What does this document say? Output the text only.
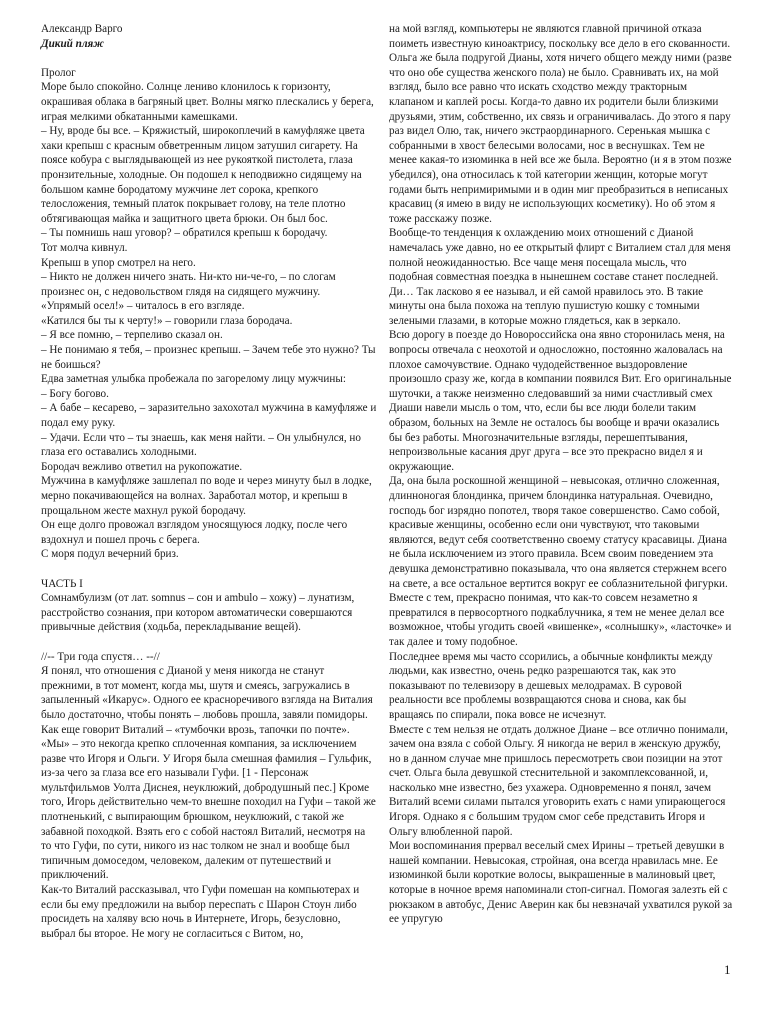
Александр Варго
Дикий пляж
Пролог
Море было спокойно. Солнце лениво клонилось к горизонту, окрашивая облака в багряный цвет. Волны мягко плескались у берега, играя мелкими обкатанными камешками.
– Ну, вроде бы все. – Кряжистый, широкоплечий в камуфляже цвета хаки крепыш с красным обветренным лицом затушил сигарету. На поясе кобура с выглядывающей из нее рукояткой пистолета, глаза пронзительные, холодные. Он подошел к неподвижно сидящему на большом камне бородатому мужчине лет сорока, крепкого телосложения, темный платок покрывает голову, на теле плотно обтягивающая майка и защитного цвета брюки. Он был бос.
– Ты помнишь наш уговор? – обратился крепыш к бородачу.
Тот молча кивнул.
Крепыш в упор смотрел на него.
– Никто не должен ничего знать. Ни-кто ни-че-го, – по слогам произнес он, с недовольством глядя на сидящего мужчину.
«Упрямый осел!» – читалось в его взгляде.
«Катился бы ты к черту!» – говорили глаза бородача.
– Я все помню, – терпеливо сказал он.
– Не понимаю я тебя, – произнес крепыш. – Зачем тебе это нужно? Ты не боишься?
Едва заметная улыбка пробежала по загорелому лицу мужчины:
– Богу богово.
– А бабе – кесарево, – заразительно захохотал мужчина в камуфляже и подал ему руку.
– Удачи. Если что – ты знаешь, как меня найти. – Он улыбнулся, но глаза его оставались холодными.
Бородач вежливо ответил на рукопожатие.
Мужчина в камуфляже зашлепал по воде и через минуту был в лодке, мерно покачивающейся на волнах. Заработал мотор, и крепыш в прощальном жесте махнул рукой бородачу.
Он еще долго провожал взглядом уносящуюся лодку, после чего вздохнул и пошел прочь с берега.
С моря подул вечерний бриз.
ЧАСТЬ I
Сомнамбулизм (от лат. somnus – сон и ambulo – хожу) – лунатизм, расстройство сознания, при котором автоматически совершаются привычные действия (ходьба, перекладывание вещей).
//-- Три года спустя… --//
Я понял, что отношения с Дианой у меня никогда не станут прежними, в тот момент, когда мы, шутя и смеясь, загружались в запыленный «Икарус». Одного ее красноречивого взгляда на Виталия было достаточно, чтобы понять – любовь прошла, завяли помидоры. Как еще говорит Виталий – «тумбочки врозь, тапочки по почте».
«Мы» – это некогда крепко сплоченная компания, за исключением разве что Игоря и Ольги. У Игоря была смешная фамилия – Гульфик, из-за чего за глаза все его называли Гуфи. [1 - Персонаж мультфильмов Уолта Диснея, неуклюжий, добродушный пес.] Кроме того, Игорь действительно чем-то внешне походил на Гуфи – такой же плотненький, с выпирающим брюшком, неуклюжий, с такой же забавной походкой. Взять его с собой настоял Виталий, несмотря на то что Гуфи, по сути, никого из нас толком не знал и вообще был типичным домоседом, человеком, далеким от путешествий и приключений.
Как-то Виталий рассказывал, что Гуфи помешан на компьютерах и если бы ему предложили на выбор переспать с Шарон Стоун либо просидеть на халяву всю ночь в Интернете, Игорь, безусловно, выбрал бы второе. Не могу не согласиться с Витом, но,
на мой взгляд, компьютеры не являются главной причиной отказа поиметь известную киноактрису, поскольку все дело в его скованности.
Ольга же была подругой Дианы, хотя ничего общего между ними (разве что оно обе существа женского пола) не было. Сравнивать их, на мой взгляд, было все равно что искать сходство между тракторным клапаном и каплей росы. Когда-то давно их родители были близкими друзьями, этим, собственно, их связь и ограничивалась. До этого я пару раз видел Олю, так, ничего экстраординарного. Серенькая мышка с собранными в хвост белесыми волосами, нос в веснушках. Тем не менее какая-то изюминка в ней все же была. Вероятно (и я в этом позже убедился), она относилась к той категории женщин, которые могут годами быть непримиримыми и в один миг преобразиться в неписаных красавиц (я имею в виду не использующих косметику). Но об этом я тоже расскажу позже.
Вообще-то тенденция к охлаждению моих отношений с Дианой намечалась уже давно, но ее открытый флирт с Виталием стал для меня полной неожиданностью. Все чаще меня посещала мысль, что подобная совместная поездка в нынешнем составе станет последней.
Ди… Так ласково я ее называл, и ей самой нравилось это. В такие минуты она была похожа на теплую пушистую кошку с томными зелеными глазами, в которые можно глядеться, как в зеркало.
Всю дорогу в поезде до Новороссийска она явно сторонилась меня, на вопросы отвечала с неохотой и односложно, постоянно жаловалась на плохое самочувствие. Однако чудодейственное выздоровление произошло сразу же, когда в компании появился Вит. Его оригинальные шуточки, а также неизменно следовавший за ними счастливый смех Диаши навели мысль о том, что, если бы все люди болели таким образом, больных на Земле не осталось бы вообще и врачи оказались бы без работы. Многозначительные взгляды, перешептывания, непроизвольные касания друг друга – все это прекрасно видел я и окружающие.
Да, она была роскошной женщиной – невысокая, отлично сложенная, длинноногая блондинка, причем блондинка натуральная. Очевидно, господь бог изрядно попотел, творя такое совершенство. Само собой, красивые женщины, особенно если они чувствуют, что таковыми являются, ведут себя соответственно своему статусу красавицы. Диана не была исключением из этого правила. Всем своим поведением эта девушка демонстративно показывала, что она является стержнем всего на свете, а все остальное вертится вокруг ее соблазнительной фигурки. Вместе с тем, прекрасно понимая, что как-то совсем незаметно я превратился в первосортного подкаблучника, я тем не менее делал все возможное, чтобы угодить своей «вишенке», «солнышку», «ласточке» и так далее и тому подобное.
Последнее время мы часто ссорились, а обычные конфликты между людьми, как известно, очень редко разрешаются так, как это показывают по телевизору в дешевых мелодрамах. В суровой реальности все проблемы возвращаются снова и снова, как бы вращаясь по спирали, пока вовсе не исчезнут.
Вместе с тем нельзя не отдать должное Диане – все отлично понимали, зачем она взяла с собой Ольгу. Я никогда не верил в женскую дружбу, но в данном случае мне пришлось пересмотреть свои позиции на этот счет. Ольга была девушкой стеснительной и закомплексованной, и, насколько мне известно, без ухажера. Одновременно я понял, зачем Виталий всеми силами пытался уговорить ехать с нами упирающегося Игоря. Однако я с большим трудом смог себе представить Игоря и Ольгу влюбленной парой.
Мои воспоминания прервал веселый смех Ирины – третьей девушки в нашей компании. Невысокая, стройная, она всегда нравилась мне. Ее изюминкой были короткие волосы, выкрашенные в малиновый цвет, которые в ночное время напоминали стоп-сигнал. Помогая залезть ей с рюкзаком в автобус, Денис Аверин как бы невзначай ухватился рукой за ее упругую
1
